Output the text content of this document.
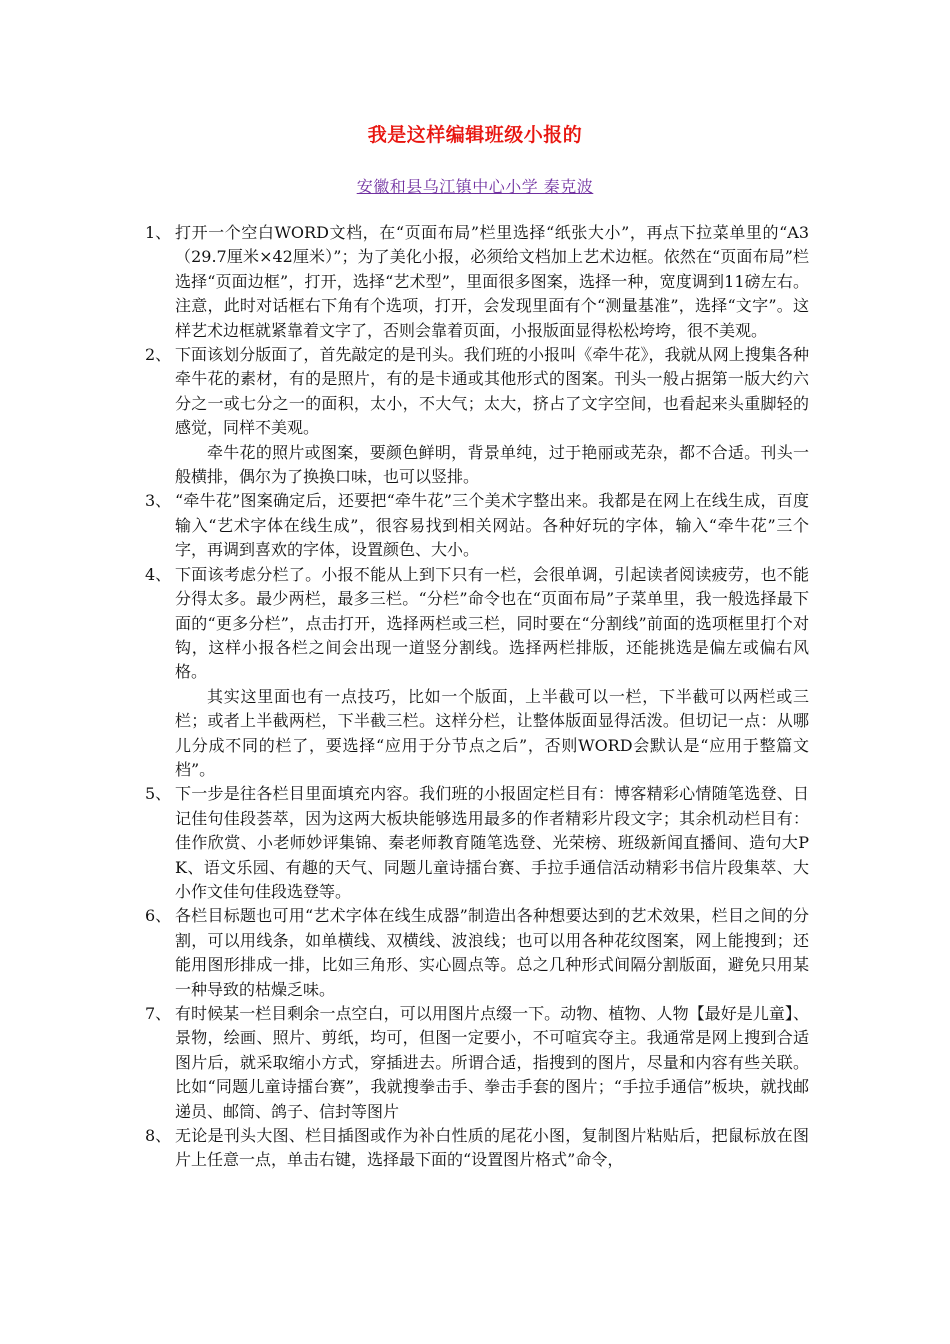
我是这样编辑班级小报的
安徽和县乌江镇中心小学 秦克波
1、 打开一个空白WORD文档，在“页面布局”栏里选择“纸张大小”，再点下拉菜单里的“A3（29.7厘米×42厘米）”；为了美化小报，必须给文档加上艺术边框。依然在“页面布局”栏选择“页面边框”，打开，选择“艺术型”，里面很多图案，选择一种，宽度调到11磅左右。注意，此时对话框右下角有个选项，打开，会发现里面有个“测量基准”，选择“文字”。这样艺术边框就紧靠着文字了，否则会靠着页面，小报版面显得松松垮垮，很不美观。
2、 下面该划分版面了，首先敲定的是刊头。我们班的小报叫《牵牛花》，我就从网上搜集各种牵牛花的素材，有的是照片，有的是卡通或其他形式的图案。刊头一般占据第一版大约六分之一或七分之一的面积，太小，不大气；太大，挤占了文字空间，也看起来头重脚轻的感觉，同样不美观。
牵牛花的照片或图案，要颜色鲜明，背景单纯，过于艳丽或芜杂，都不合适。刊头一般横排，偶尔为了换换口味，也可以竖排。
3、 “牵牛花”图案确定后，还要把“牵牛花”三个美术字整出来。我都是在网上在线生成，百度输入“艺术字体在线生成”，很容易找到相关网站。各种好玩的字体，输入“牵牛花”三个字，再调到喜欢的字体，设置颜色、大小。
4、 下面该考虑分栏了。小报不能从上到下只有一栏，会很单调，引起读者阅读疲劳，也不能分得太多。最少两栏，最多三栏。“分栏”命令也在“页面布局”子菜单里，我一般选择最下面的“更多分栏”，点击打开，选择两栏或三栏，同时要在“分割线”前面的选项框里打个对钩，这样小报各栏之间会出现一道竖分割线。选择两栏排版，还能挑选是偏左或偏右风格。
其实这里面也有一点技巧，比如一个版面，上半截可以一栏，下半截可以两栏或三栏；或者上半截两栏，下半截三栏。这样分栏，让整体版面显得活泼。但切记一点：从哪儿分成不同的栏了，要选择“应用于分节点之后”，否则WORD会默认是“应用于整篇文档”。
5、 下一步是往各栏目里面填充内容。我们班的小报固定栏目有：博客精彩心情随笔选登、日记佳句佳段荟萃，因为这两大板块能够选用最多的作者精彩片段文字；其余机动栏目有：佳作欣赏、小老师妙评集锦、秦老师教育随笔选登、光荣榜、班级新闻直播间、造句大PK、语文乐园、有趣的天气、同题儿童诗擂台赛、手拉手通信活动精彩书信片段集萃、大小作文佳句佳段选登等。
6、 各栏目标题也可用“艺术字体在线生成器”制造出各种想要达到的艺术效果，栏目之间的分割，可以用线条，如单横线、双横线、波浪线；也可以用各种花纹图案，网上能搜到；还能用图形排成一排，比如三角形、实心圆点等。总之几种形式间隔分割版面，避免只用某一种导致的枯燥乏味。
7、 有时候某一栏目剩余一点空白，可以用图片点缀一下。动物、植物、人物【最好是儿童】、景物，绘画、照片、剪纸，均可，但图一定要小，不可喧宾夺主。我通常是网上搜到合适图片后，就采取缩小方式，穿插进去。所谓合适，指搜到的图片，尽量和内容有些关联。比如“同题儿童诗擂台赛”，我就搜拳击手、拳击手套的图片；“手拉手通信”板块，就找邮递员、邮筒、鸽子、信封等图片
8、 无论是刊头大图、栏目插图或作为补白性质的尾花小图，复制图片粘贴后，把鼠标放在图片上任意一点，单击右键，选择最下面的“设置图片格式”命令，
